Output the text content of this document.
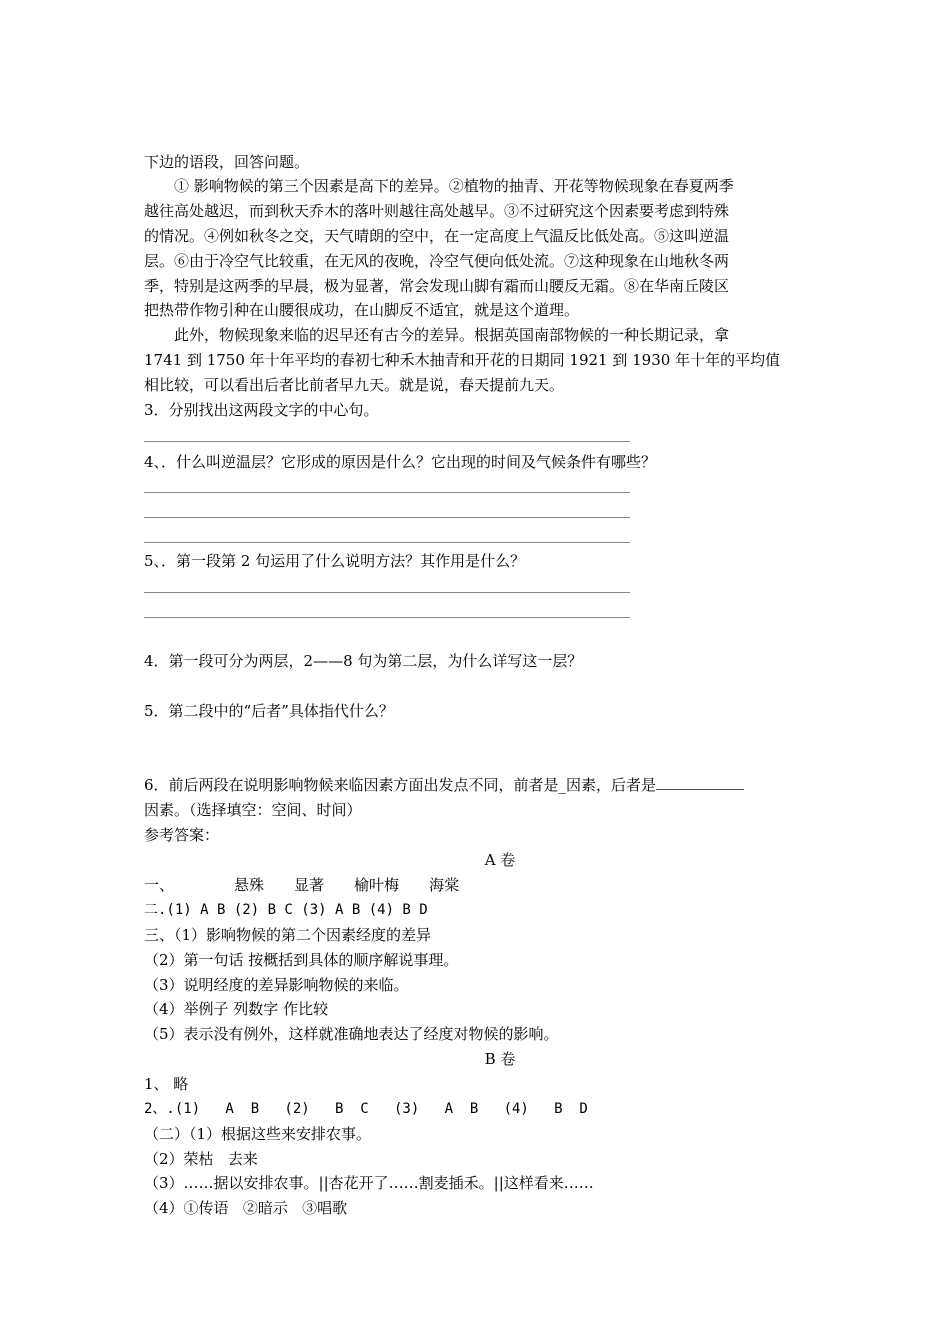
下边的语段，回答问题。
① 影响物候的第三个因素是高下的差异。②植物的抽青、开花等物候现象在春夏两季
越往高处越迟，而到秋天乔木的落叶则越往高处越早。③不过研究这个因素要考虑到特殊
的情况。④例如秋冬之交，天气晴朗的空中，在一定高度上气温反比低处高。⑤这叫逆温
层。⑥由于冷空气比较重，在无风的夜晚，冷空气便向低处流。⑦这种现象在山地秋冬两
季，特别是这两季的早晨，极为显著，常会发现山脚有霜而山腰反无霜。⑧在华南丘陵区
把热带作物引种在山腰很成功，在山脚反不适宜，就是这个道理。
此外，物候现象来临的迟早还有古今的差异。根据英国南部物候的一种长期记录，拿
1741 到 1750 年十年平均的春初七种禾木抽青和开花的日期同 1921 到 1930 年十年的平均值
相比较，可以看出后者比前者早九天。就是说，春天提前九天。
3．分别找出这两段文字的中心句。
4、．什么叫逆温层？它形成的原因是什么？它出现的时间及气候条件有哪些？
5、．第一段第 2 句运用了什么说明方法？其作用是什么？
4．第一段可分为两层，2——8 句为第二层，为什么详写这一层？
5．第二段中的“后者”具体指代什么？
6．前后两段在说明影响物候来临因素方面出发点不同，前者是_因素，后者是
因素。（选择填空：空间、时间）
参考答案：
A 卷
一、	悬殊 显著 榆叶梅 海棠
二.(1) A B (2) B C (3) A B (4) B D
三、（1）影响物候的第二个因素经度的差异
（2）第一句话 按概括到具体的顺序解说事理。
（3）说明经度的差异影响物候的来临。
（4）举例子 列数字 作比较
（5）表示没有例外，这样就准确地表达了经度对物候的影响。
B 卷
1、 略
2、.(1)   A  B   (2)   B  C   (3)   A  B   (4)   B  D
（二）（1）根据这些来安排农事。
（2）荣枯   去来
（3）……据以安排农事。||杏花开了……割麦插禾。||这样看来……
（4）①传语   ②暗示   ③唱歌
